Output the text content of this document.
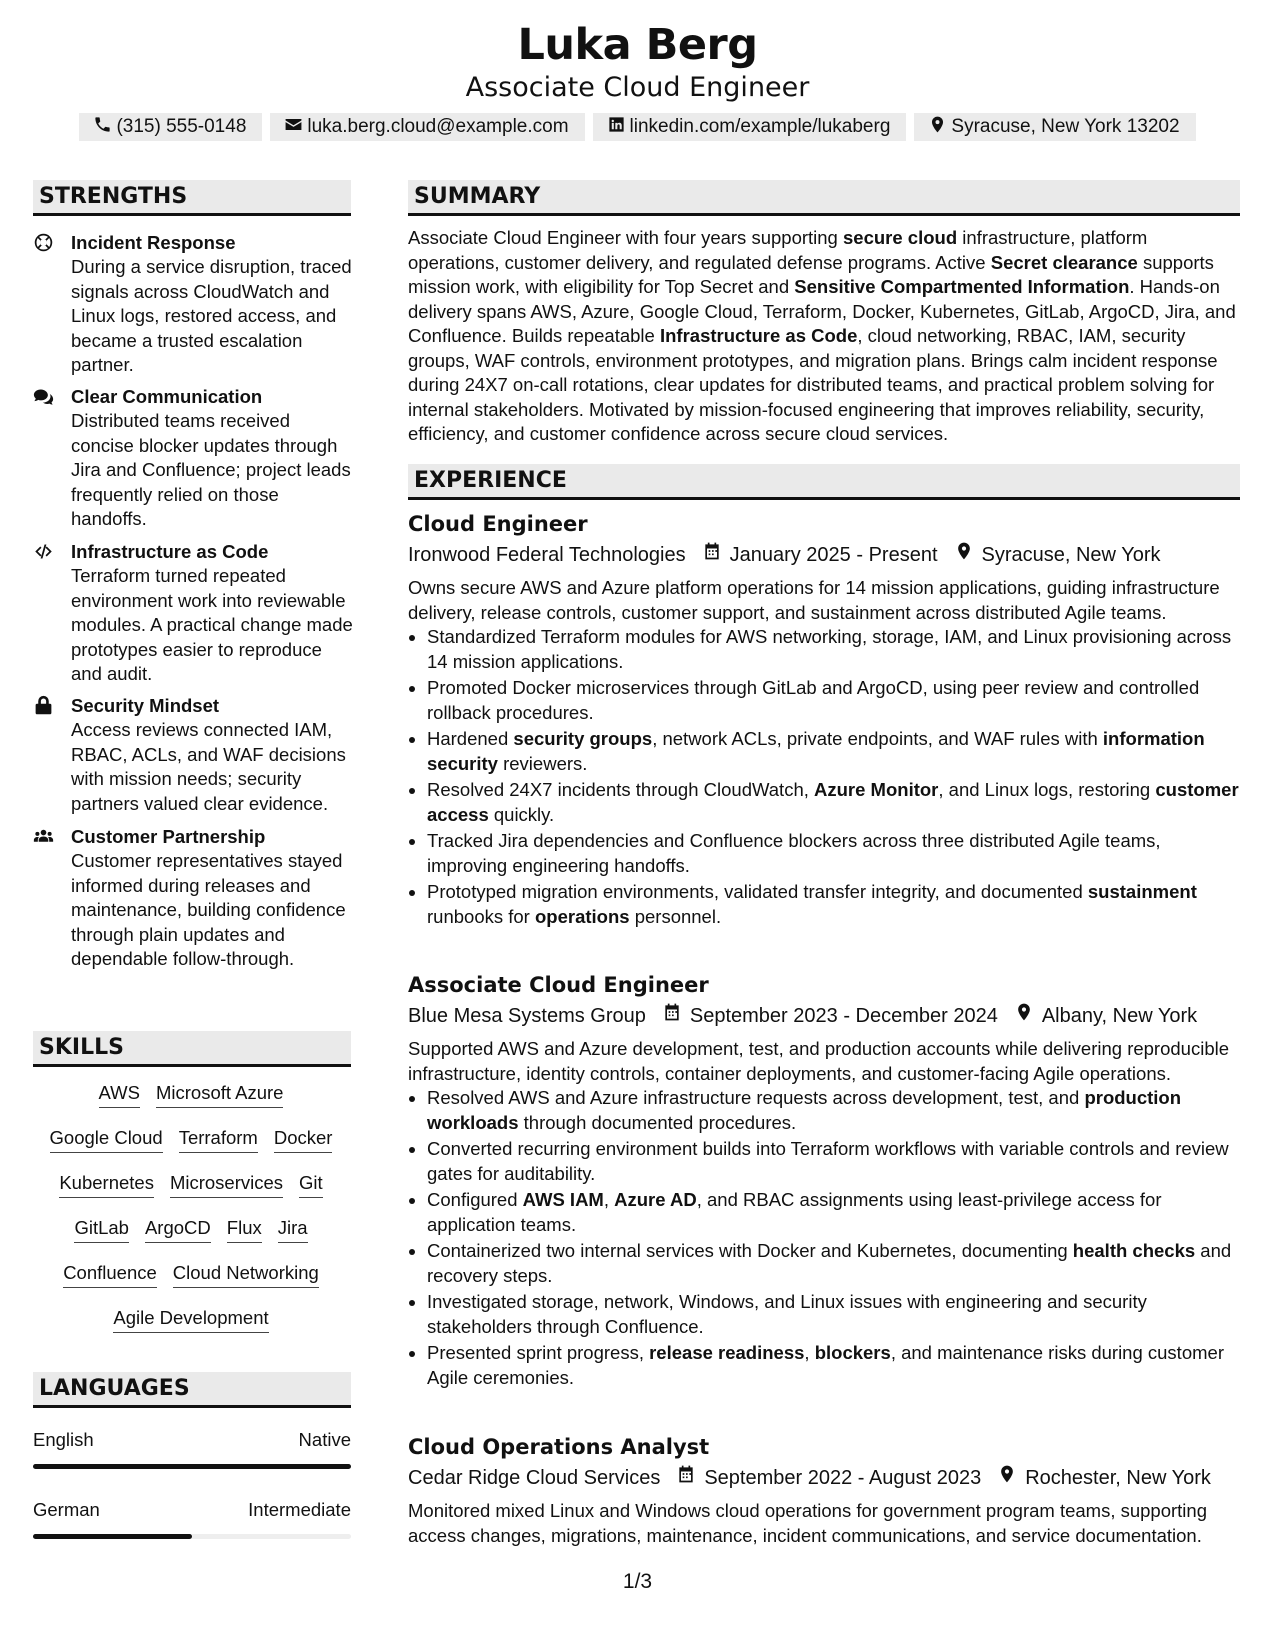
Luka Berg
Associate Cloud Engineer
(315) 555-0148	luka.berg.cloud@example.com	linkedin.com/example/lukaberg	Syracuse, New York 13202
STRENGTHS
Incident Response
During a service disruption, traced signals across CloudWatch and Linux logs, restored access, and became a trusted escalation partner.
Clear Communication
Distributed teams received concise blocker updates through Jira and Confluence; project leads frequently relied on those handoffs.
Infrastructure as Code
Terraform turned repeated environment work into reviewable modules. A practical change made prototypes easier to reproduce and audit.
Security Mindset
Access reviews connected IAM, RBAC, ACLs, and WAF decisions with mission needs; security partners valued clear evidence.
Customer Partnership
Customer representatives stayed informed during releases and maintenance, building confidence through plain updates and dependable follow-through.
SKILLS
AWS Microsoft Azure
Google Cloud Terraform Docker
Kubernetes Microservices Git
GitLab ArgoCD Flux Jira
Confluence Cloud Networking
Agile Development
LANGUAGES
English	Native
German	Intermediate
SUMMARY
Associate Cloud Engineer with four years supporting secure cloud infrastructure, platform operations, customer delivery, and regulated defense programs. Active Secret clearance supports mission work, with eligibility for Top Secret and Sensitive Compartmented Information. Hands-on delivery spans AWS, Azure, Google Cloud, Terraform, Docker, Kubernetes, GitLab, ArgoCD, Jira, and Confluence. Builds repeatable Infrastructure as Code, cloud networking, RBAC, IAM, security groups, WAF controls, environment prototypes, and migration plans. Brings calm incident response during 24X7 on-call rotations, clear updates for distributed teams, and practical problem solving for internal stakeholders. Motivated by mission-focused engineering that improves reliability, security, efficiency, and customer confidence across secure cloud services.
EXPERIENCE
Cloud Engineer
Ironwood Federal Technologies January 2025 - Present Syracuse, New York
Owns secure AWS and Azure platform operations for 14 mission applications, guiding infrastructure delivery, release controls, customer support, and sustainment across distributed Agile teams.
• Standardized Terraform modules for AWS networking, storage, IAM, and Linux provisioning across 14 mission applications.
• Promoted Docker microservices through GitLab and ArgoCD, using peer review and controlled rollback procedures.
• Hardened security groups, network ACLs, private endpoints, and WAF rules with information security reviewers.
• Resolved 24X7 incidents through CloudWatch, Azure Monitor, and Linux logs, restoring customer access quickly.
• Tracked Jira dependencies and Confluence blockers across three distributed Agile teams, improving engineering handoffs.
• Prototyped migration environments, validated transfer integrity, and documented sustainment runbooks for operations personnel.
Associate Cloud Engineer
Blue Mesa Systems Group September 2023 - December 2024 Albany, New York
Supported AWS and Azure development, test, and production accounts while delivering reproducible infrastructure, identity controls, container deployments, and customer-facing Agile operations.
• Resolved AWS and Azure infrastructure requests across development, test, and production workloads through documented procedures.
• Converted recurring environment builds into Terraform workflows with variable controls and review gates for auditability.
• Configured AWS IAM, Azure AD, and RBAC assignments using least-privilege access for application teams.
• Containerized two internal services with Docker and Kubernetes, documenting health checks and recovery steps.
• Investigated storage, network, Windows, and Linux issues with engineering and security stakeholders through Confluence.
• Presented sprint progress, release readiness, blockers, and maintenance risks during customer Agile ceremonies.
Cloud Operations Analyst
Cedar Ridge Cloud Services September 2022 - August 2023 Rochester, New York
Monitored mixed Linux and Windows cloud operations for government program teams, supporting access changes, migrations, maintenance, incident communications, and service documentation.
1/3
